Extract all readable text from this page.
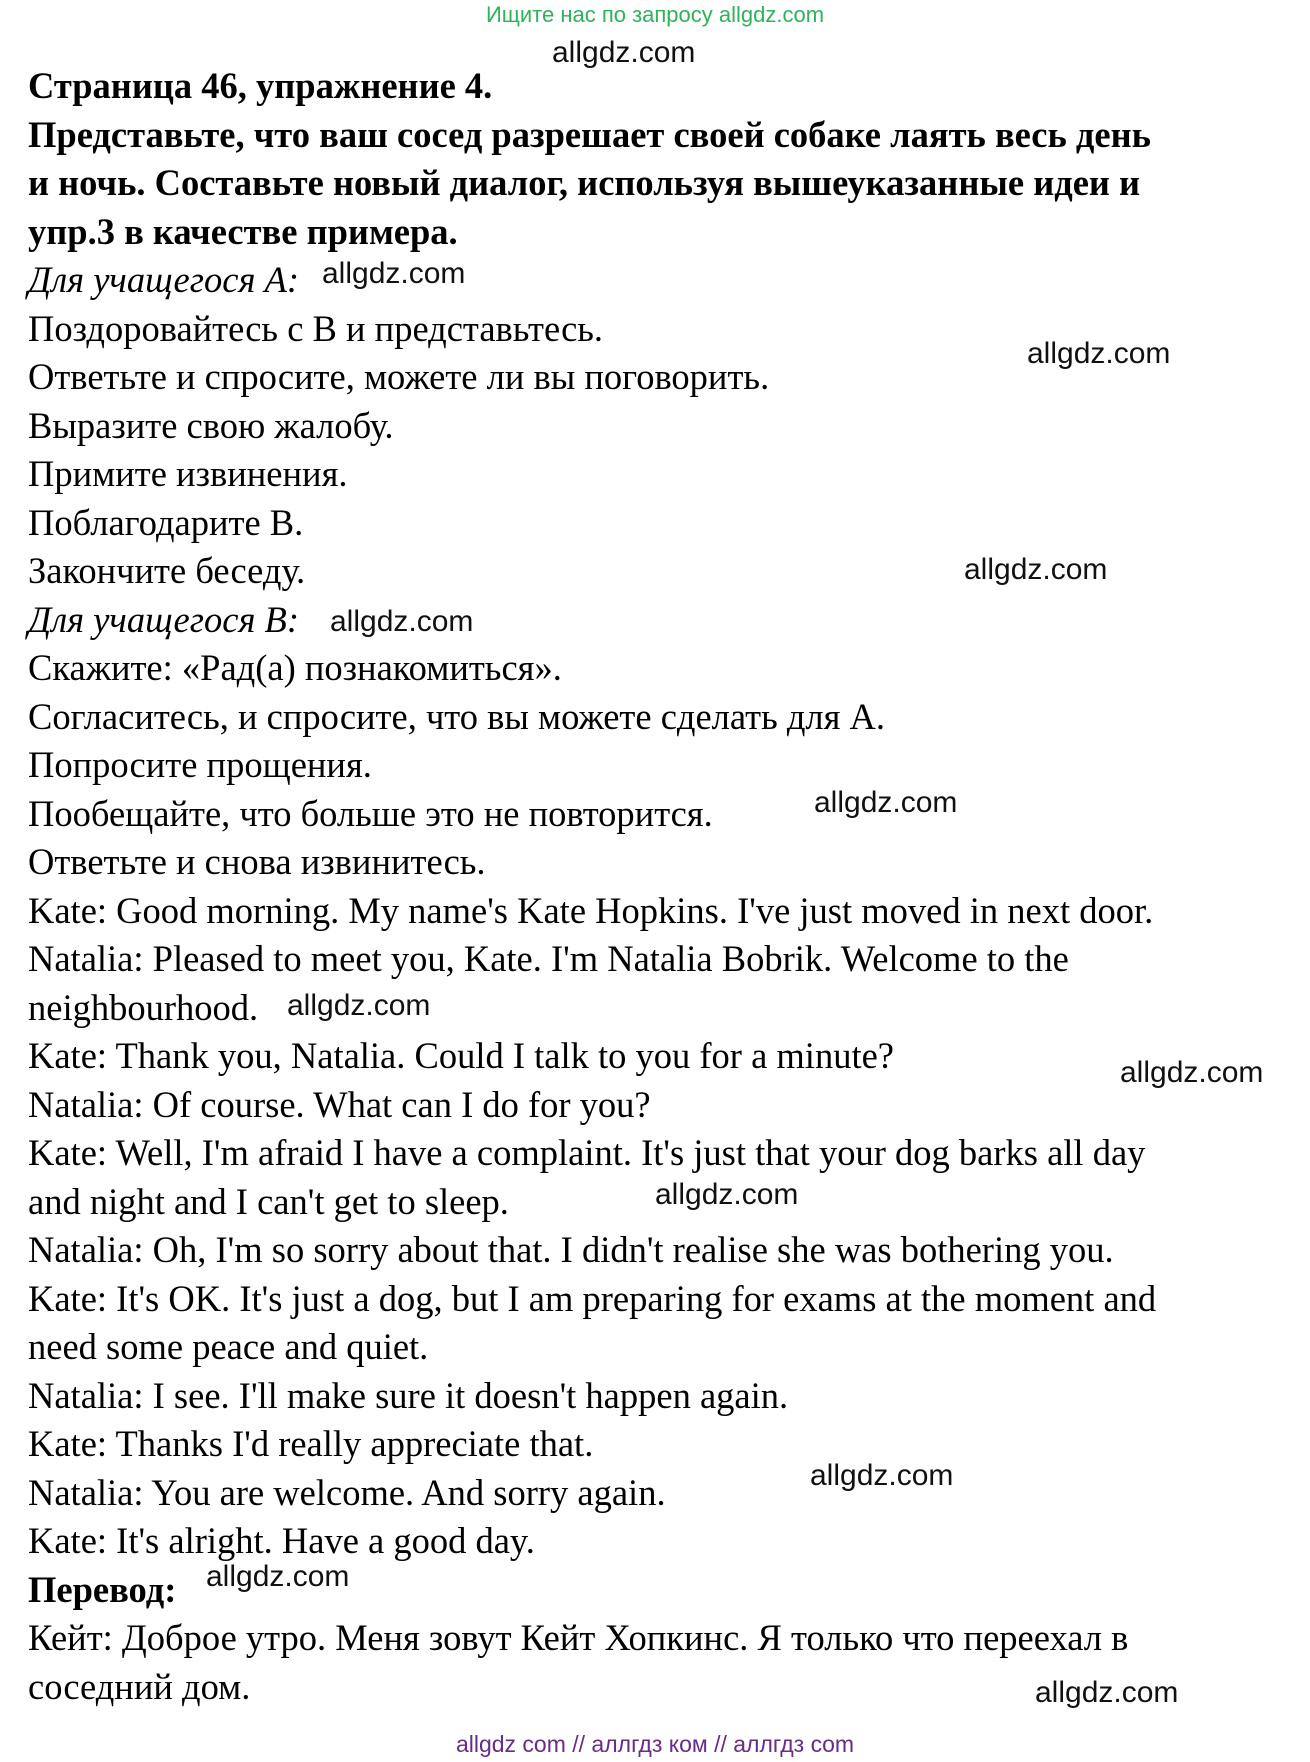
Ищите нас по запросу allgdz.com
Страница 46, упражнение 4.
Представьте, что ваш сосед разрешает своей собаке лаять весь день
и ночь. Составьте новый диалог, используя вышеуказанные идеи и
упр.3 в качестве примера.
Для учащегося А:
Поздоровайтесь с В и представьтесь.
Ответьте и спросите, можете ли вы поговорить.
Выразите свою жалобу.
Примите извинения.
Поблагодарите В.
Закончите беседу.
Для учащегося В:
Скажите: «Рад(а) познакомиться».
Согласитесь, и спросите, что вы можете сделать для А.
Попросите прощения.
Пообещайте, что больше это не повторится.
Ответьте и снова извинитесь.
Kate: Good morning. My name's Kate Hopkins. I've just moved in next door.
Natalia: Pleased to meet you, Kate. I'm Natalia Bobrik. Welcome to the
neighbourhood.
Kate: Thank you, Natalia. Could I talk to you for a minute?
Natalia: Of course. What can I do for you?
Kate: Well, I'm afraid I have a complaint. It's just that your dog barks all day
and night and I can't get to sleep.
Natalia: Oh, I'm so sorry about that. I didn't realise she was bothering you.
Kate: It's OK. It's just a dog, but I am preparing for exams at the moment and
need some peace and quiet.
Natalia: I see. I'll make sure it doesn't happen again.
Kate: Thanks I'd really appreciate that.
Natalia: You are welcome. And sorry again.
Kate: It's alright. Have a good day.
Перевод:
Кейт: Доброе утро. Меня зовут Кейт Хопкинс. Я только что переехал в
соседний дом.
allgdz.com
allgdz.com
allgdz.com
allgdz.com
allgdz.com
allgdz.com
allgdz.com
allgdz.com
allgdz.com
allgdz.com
allgdz.com
allgdz.com
allgdz com // аллгдз ком // аллгдз com
